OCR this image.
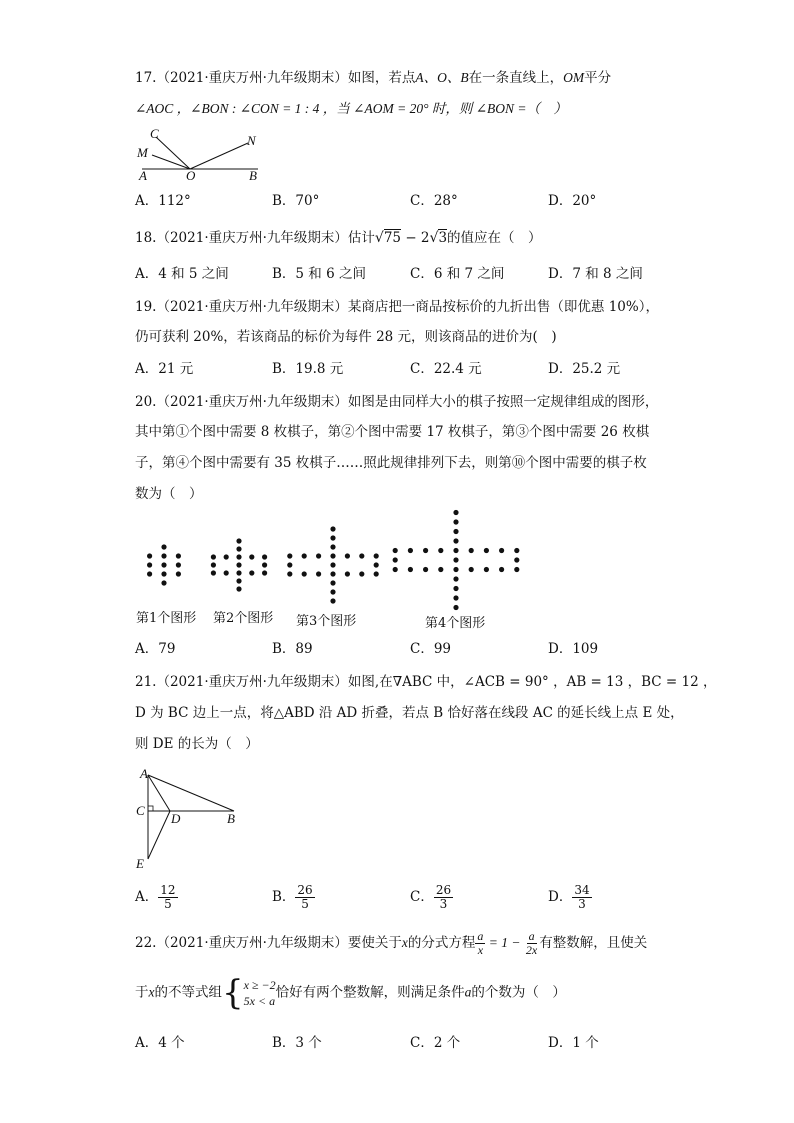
17.（2021·重庆万州·九年级期末）如图，若点A、O、B在一条直线上，OM平分
∠AOC ，∠BON : ∠CON = 1 : 4 ，当 ∠AOM = 20° 时，则 ∠BON =（　）
C
M
N
A	O	B
A．112°	B．70°	C．28°	D．20°
18.（2021·重庆万州·九年级期末）估计√75 − 2√3的值应在（　）
A．4 和 5 之间	B．5 和 6 之间	C．6 和 7 之间	D．7 和 8 之间
19.（2021·重庆万州·九年级期末）某商店把一商品按标价的九折出售（即优惠 10%），
仍可获利 20%，若该商品的标价为每件 28 元，则该商品的进价为(　)
A．21 元	B．19.8 元	C．22.4 元	D．25.2 元
20.（2021·重庆万州·九年级期末）如图是由同样大小的棋子按照一定规律组成的图形，
其中第①个图中需要 8 枚棋子，第②个图中需要 17 枚棋子，第③个图中需要 26 枚棋
子，第④个图中需要有 35 枚棋子……照此规律排列下去，则第⑩个图中需要的棋子枚
数为（　）
第1个图形 第2个图形 第3个图形	第4个图形
A．79	B．89	C．99	D．109
21.（2021·重庆万州·九年级期末）如图,在∇ABC 中，∠ACB = 90° ，AB = 13 ，BC = 12 ，
D 为 BC 边上一点，将△ABD 沿 AD 折叠，若点 B 恰好落在线段 AC 的延长线上点 E 处，
则 DE 的长为（　）
A
C
D	B
E
A． $\frac{12}{5}$	B． $\frac{26}{5}$	C． $\frac{26}{3}$	D． $\frac{34}{3}$
22.（2021·重庆万州·九年级期末）要使关于x的分式方程 $\frac{a}{x} = 1 - \frac{a}{2x}$ 有整数解，且使关
于x的不等式组{ x ≥ −2
5x < a
恰好有两个整数解，则满足条件a的个数为（　）
A．4 个	B．3 个	C．2 个	D．1 个
